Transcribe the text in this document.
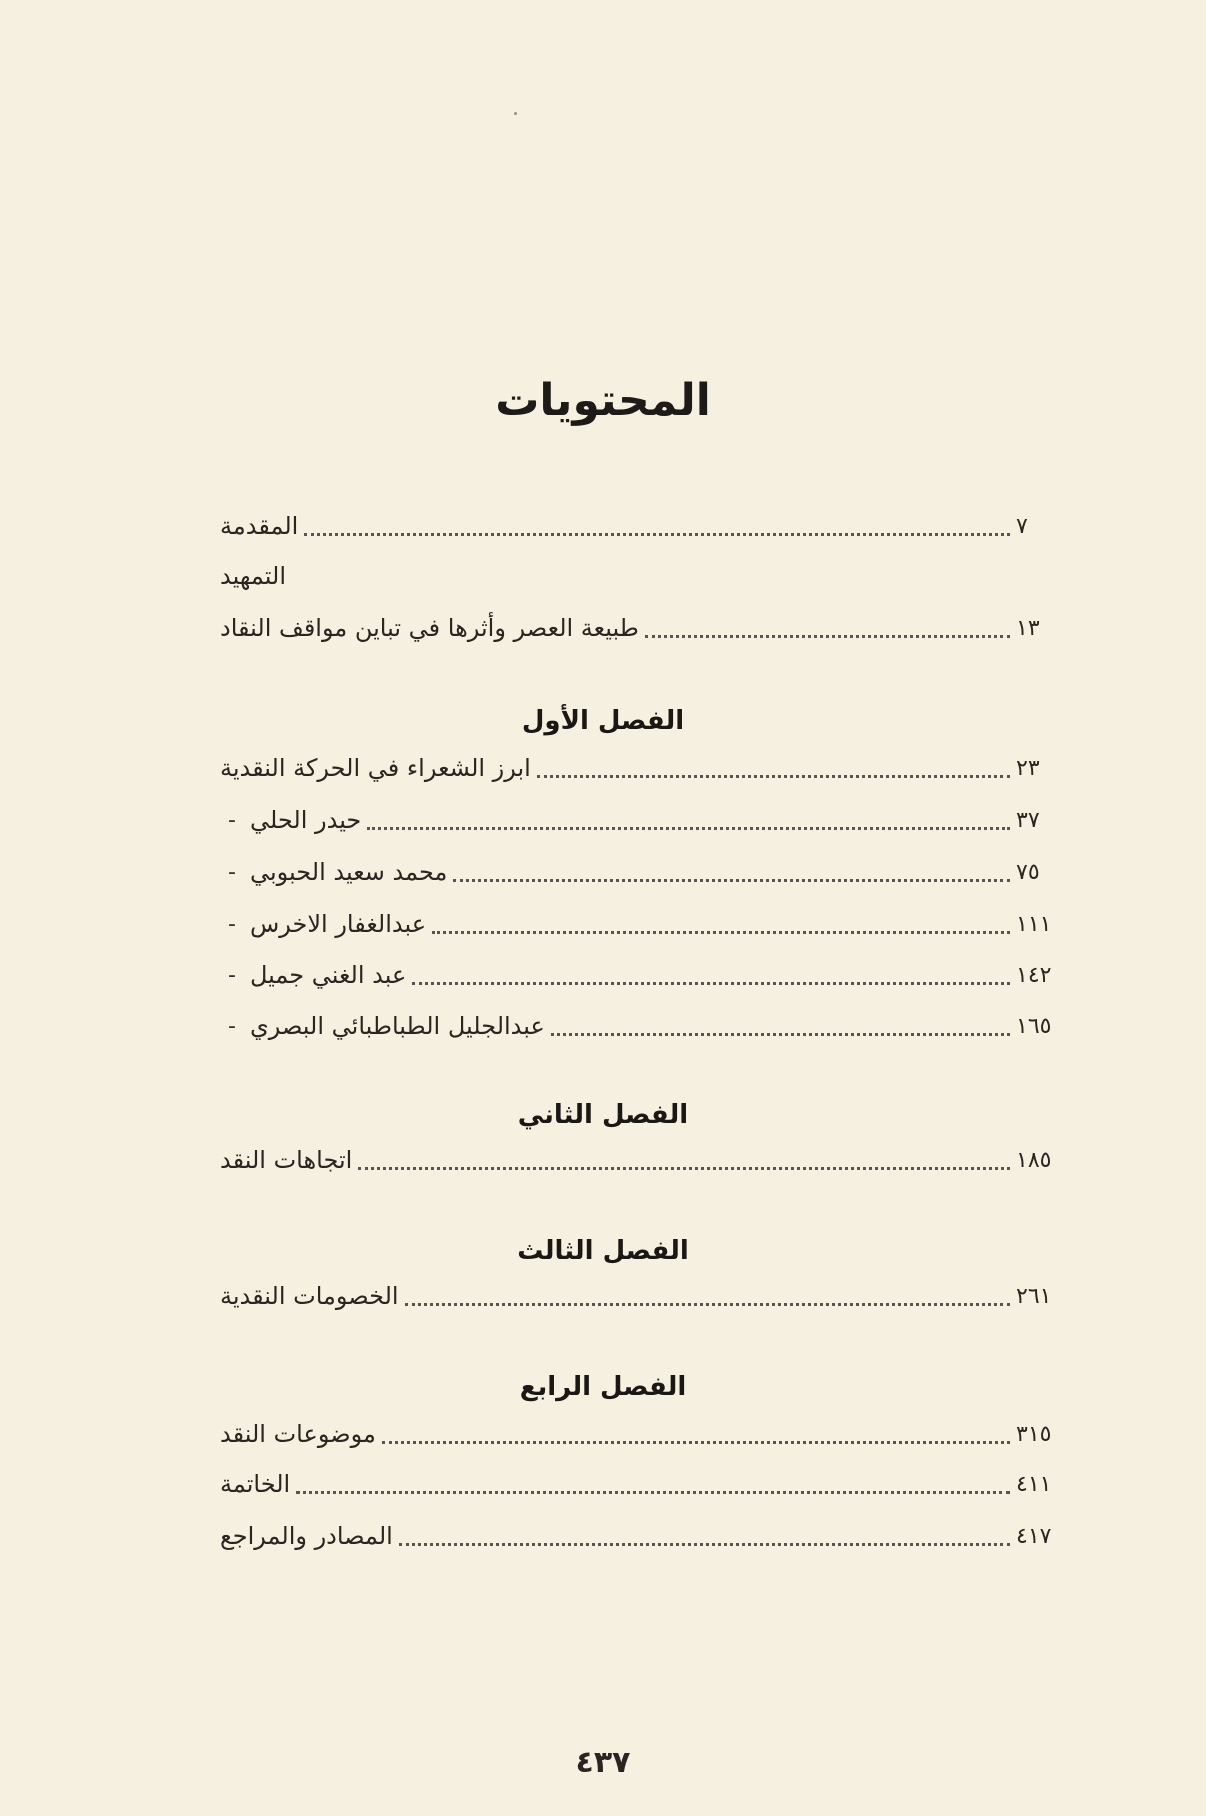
المحتويات
المقدمة	٧
التمهيد
طبيعة العصر وأثرها في تباين مواقف النقاد	١٣
الفصل الأول
ابرز الشعراء في الحركة النقدية	٢٣
- حيدر الحلي	٣٧
- محمد سعيد الحبوبي	٧٥
- عبدالغفار الاخرس	١١١
- عبد الغني جميل	١٤٢
- عبدالجليل الطباطبائي البصري	١٦٥
الفصل الثاني
اتجاهات النقد	١٨٥
الفصل الثالث
الخصومات النقدية	٢٦١
الفصل الرابع
موضوعات النقد	٣١٥
الخاتمة	٤١١
المصادر والمراجع	٤١٧
٤٣٧
